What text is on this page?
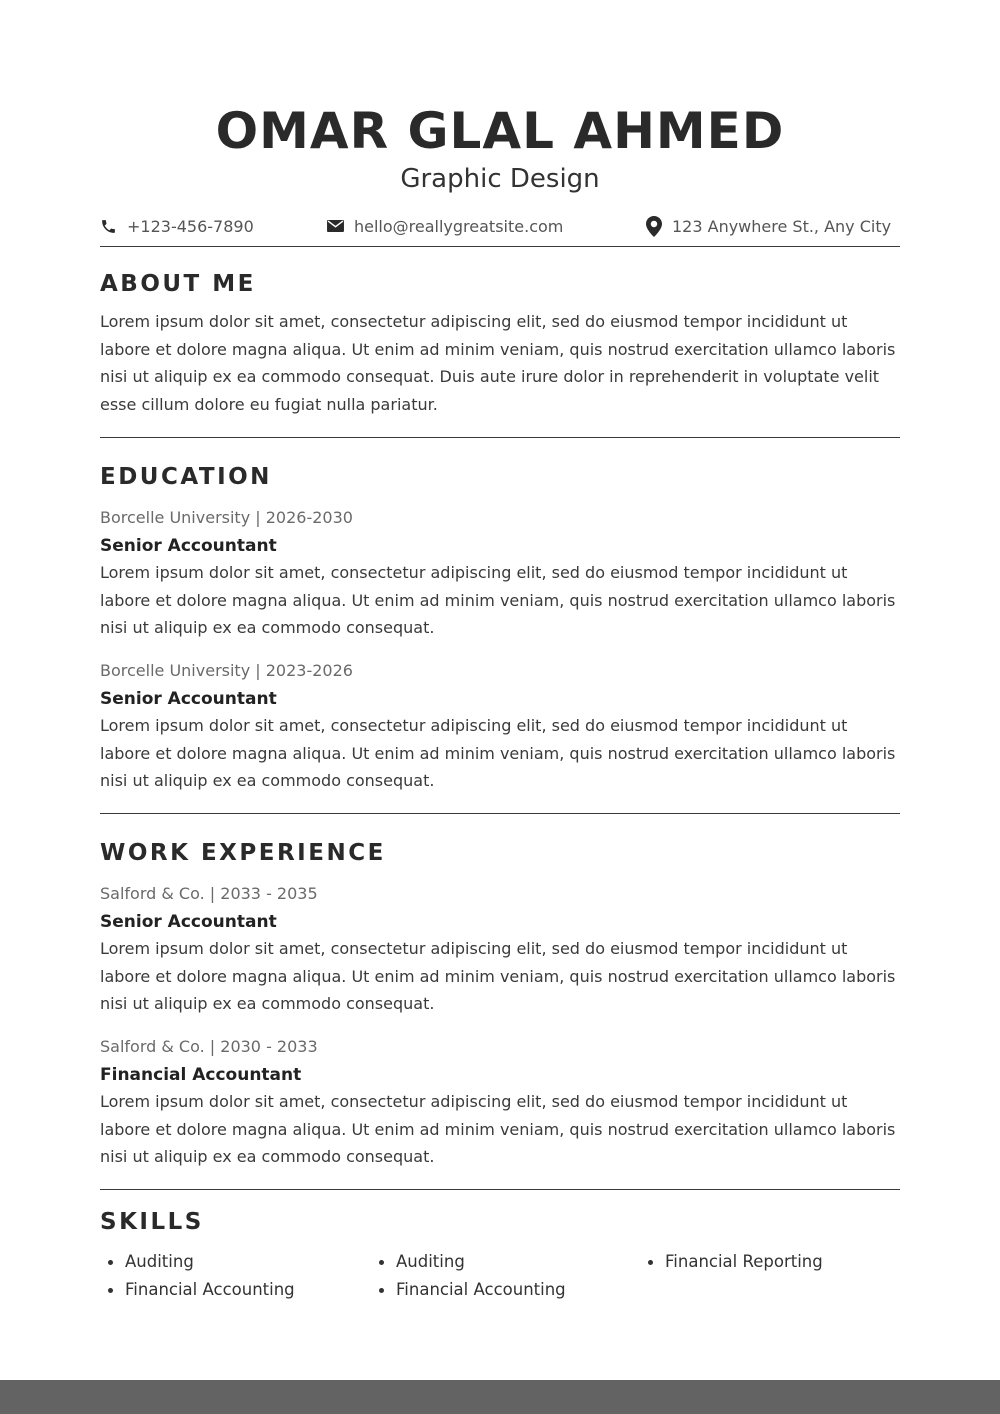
OMAR GLAL AHMED
Graphic Design
+123-456-7890	hello@reallygreatsite.com	123 Anywhere St., Any City
ABOUT ME

Lorem ipsum dolor sit amet, consectetur adipiscing elit, sed do eiusmod tempor incididunt ut labore et dolore magna aliqua. Ut enim ad minim veniam, quis nostrud exercitation ullamco laboris nisi ut aliquip ex ea commodo consequat. Duis aute irure dolor in reprehenderit in voluptate velit esse cillum dolore eu fugiat nulla pariatur.

EDUCATION
Borcelle University | 2026-2030
Senior Accountant

Lorem ipsum dolor sit amet, consectetur adipiscing elit, sed do eiusmod tempor incididunt ut labore et dolore magna aliqua. Ut enim ad minim veniam, quis nostrud exercitation ullamco laboris nisi ut aliquip ex ea commodo consequat.

Borcelle University | 2023-2026
Senior Accountant

Lorem ipsum dolor sit amet, consectetur adipiscing elit, sed do eiusmod tempor incididunt ut labore et dolore magna aliqua. Ut enim ad minim veniam, quis nostrud exercitation ullamco laboris nisi ut aliquip ex ea commodo consequat.

WORK EXPERIENCE
Salford & Co. | 2033 - 2035
Senior Accountant

Lorem ipsum dolor sit amet, consectetur adipiscing elit, sed do eiusmod tempor incididunt ut labore et dolore magna aliqua. Ut enim ad minim veniam, quis nostrud exercitation ullamco laboris nisi ut aliquip ex ea commodo consequat.

Salford & Co. | 2030 - 2033
Financial Accountant

Lorem ipsum dolor sit amet, consectetur adipiscing elit, sed do eiusmod tempor incididunt ut labore et dolore magna aliqua. Ut enim ad minim veniam, quis nostrud exercitation ullamco laboris nisi ut aliquip ex ea commodo consequat.

SKILLS
Auditing
Financial Accounting
Auditing
Financial Accounting
Financial Reporting
